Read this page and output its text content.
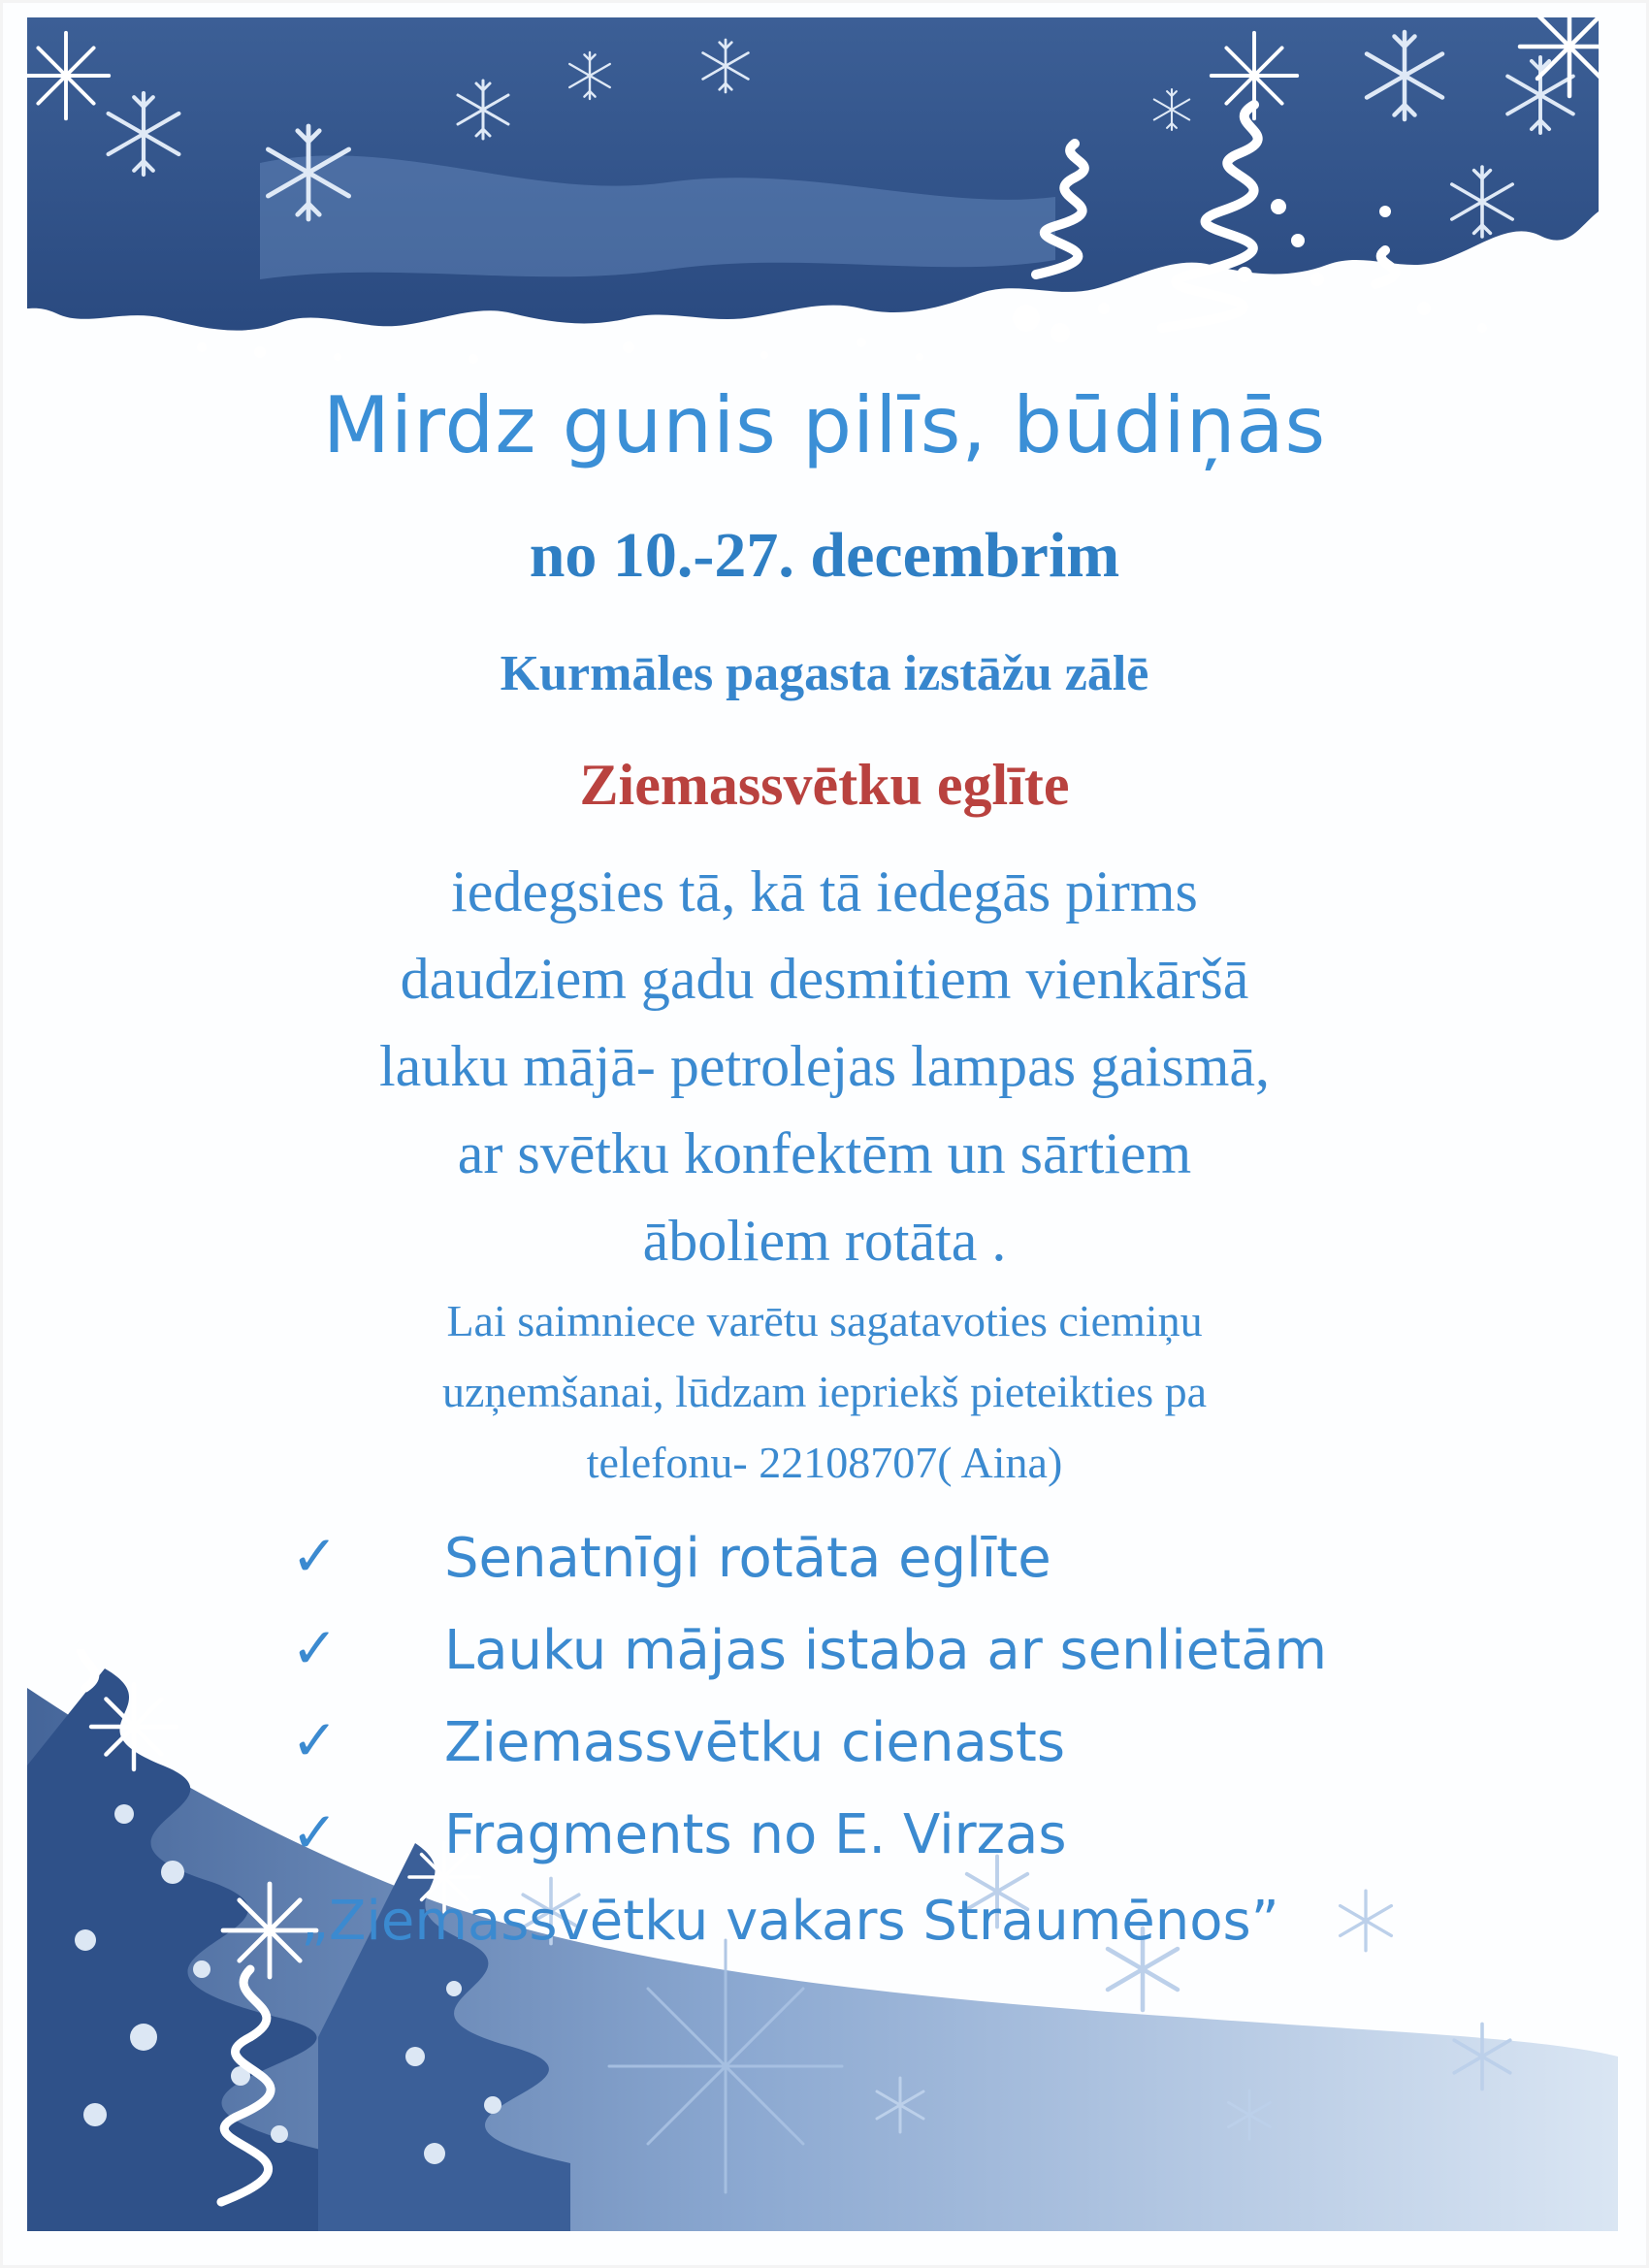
Mirdz gunis pilīs, būdiņās
no 10.-27. decembrim
Kurmāles pagasta izstāžu zālē
Ziemassvētku eglīte
iedegsies tā, kā tā iedegās pirms
daudziem gadu desmitiem vienkāršā
lauku mājā- petrolejas lampas gaismā,
ar svētku konfektēm un sārtiem
āboliem rotāta .
Lai saimniece varētu sagatavoties ciemiņu
uzņemšanai, lūdzam iepriekš pieteikties pa
telefonu- 22108707( Aina)
✓ Senatnīgi rotāta eglīte
✓ Lauku mājas istaba ar senlietām
✓ Ziemassvētku cienasts
✓ Fragments no E. Virzas
„Ziemassvētku vakars Straumēnos”
